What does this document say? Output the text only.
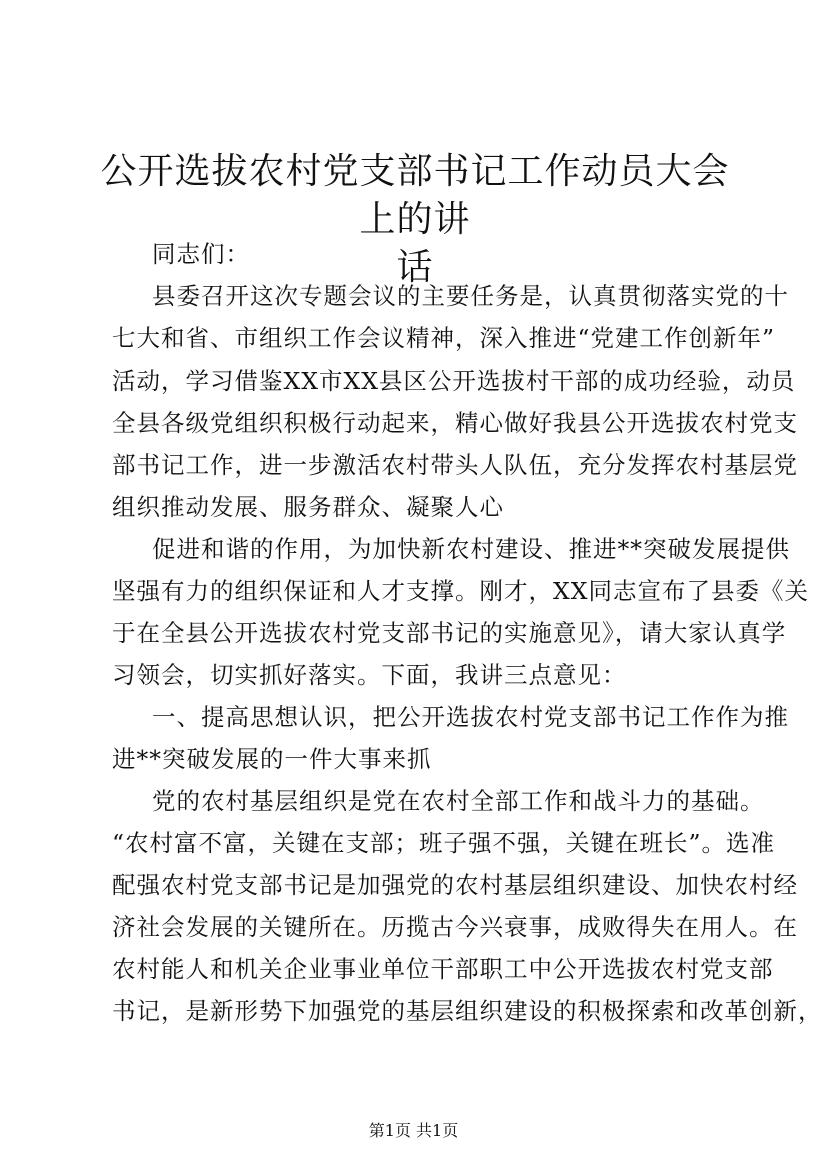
公开选拔农村党支部书记工作动员大会上的讲
话
同志们：
县委召开这次专题会议的主要任务是，认真贯彻落实党的十
七大和省、市组织工作会议精神，深入推进“党建工作创新年”
活动，学习借鉴XX市XX县区公开选拔村干部的成功经验，动员
全县各级党组织积极行动起来，精心做好我县公开选拔农村党支
部书记工作，进一步激活农村带头人队伍，充分发挥农村基层党
组织推动发展、服务群众、凝聚人心
促进和谐的作用，为加快新农村建设、推进**突破发展提供
坚强有力的组织保证和人才支撑。刚才，XX同志宣布了县委《关
于在全县公开选拔农村党支部书记的实施意见》，请大家认真学
习领会，切实抓好落实。下面，我讲三点意见：
一、提高思想认识，把公开选拔农村党支部书记工作作为推
进**突破发展的一件大事来抓
党的农村基层组织是党在农村全部工作和战斗力的基础。
“农村富不富，关键在支部；班子强不强，关键在班长”。选准
配强农村党支部书记是加强党的农村基层组织建设、加快农村经
济社会发展的关键所在。历揽古今兴衰事，成败得失在用人。在
农村能人和机关企业事业单位干部职工中公开选拔农村党支部
书记，是新形势下加强党的基层组织建设的积极探索和改革创新，
第1页 共1页
